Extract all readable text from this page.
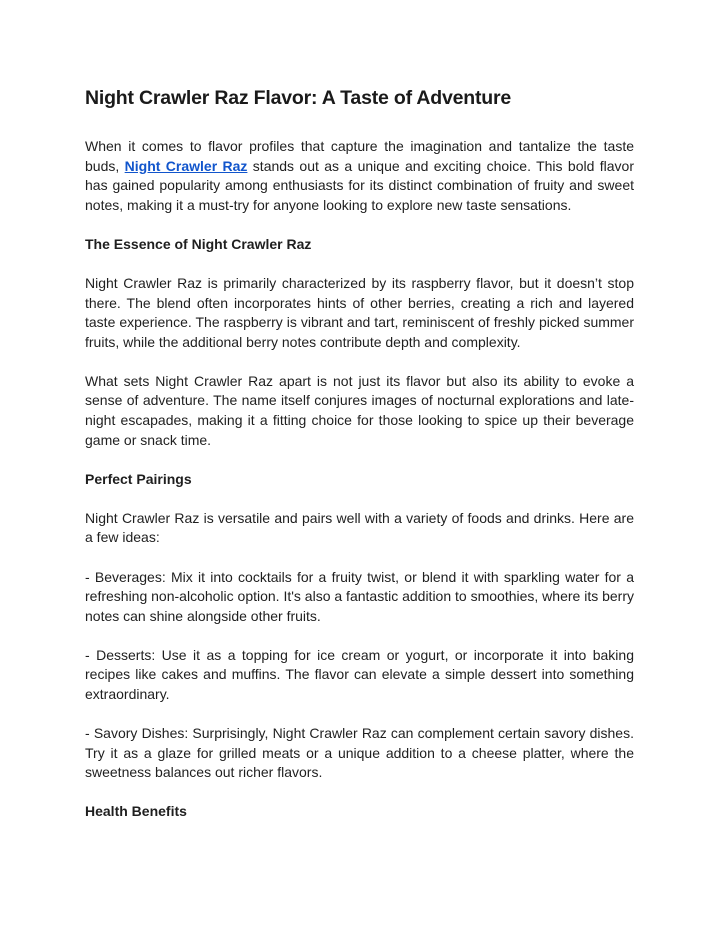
Night Crawler Raz Flavor: A Taste of Adventure

When it comes to flavor profiles that capture the imagination and tantalize the taste buds, Night Crawler Raz stands out as a unique and exciting choice. This bold flavor has gained popularity among enthusiasts for its distinct combination of fruity and sweet notes, making it a must-try for anyone looking to explore new taste sensations.

The Essence of Night Crawler Raz

Night Crawler Raz is primarily characterized by its raspberry flavor, but it doesn’t stop there. The blend often incorporates hints of other berries, creating a rich and layered taste experience. The raspberry is vibrant and tart, reminiscent of freshly picked summer fruits, while the additional berry notes contribute depth and complexity.

What sets Night Crawler Raz apart is not just its flavor but also its ability to evoke a sense of adventure. The name itself conjures images of nocturnal explorations and late-night escapades, making it a fitting choice for those looking to spice up their beverage game or snack time.

Perfect Pairings

Night Crawler Raz is versatile and pairs well with a variety of foods and drinks. Here are a few ideas:

- Beverages: Mix it into cocktails for a fruity twist, or blend it with sparkling water for a refreshing non-alcoholic option. It's also a fantastic addition to smoothies, where its berry notes can shine alongside other fruits.

- Desserts: Use it as a topping for ice cream or yogurt, or incorporate it into baking recipes like cakes and muffins. The flavor can elevate a simple dessert into something extraordinary.

- Savory Dishes: Surprisingly, Night Crawler Raz can complement certain savory dishes. Try it as a glaze for grilled meats or a unique addition to a cheese platter, where the sweetness balances out richer flavors.

Health Benefits
